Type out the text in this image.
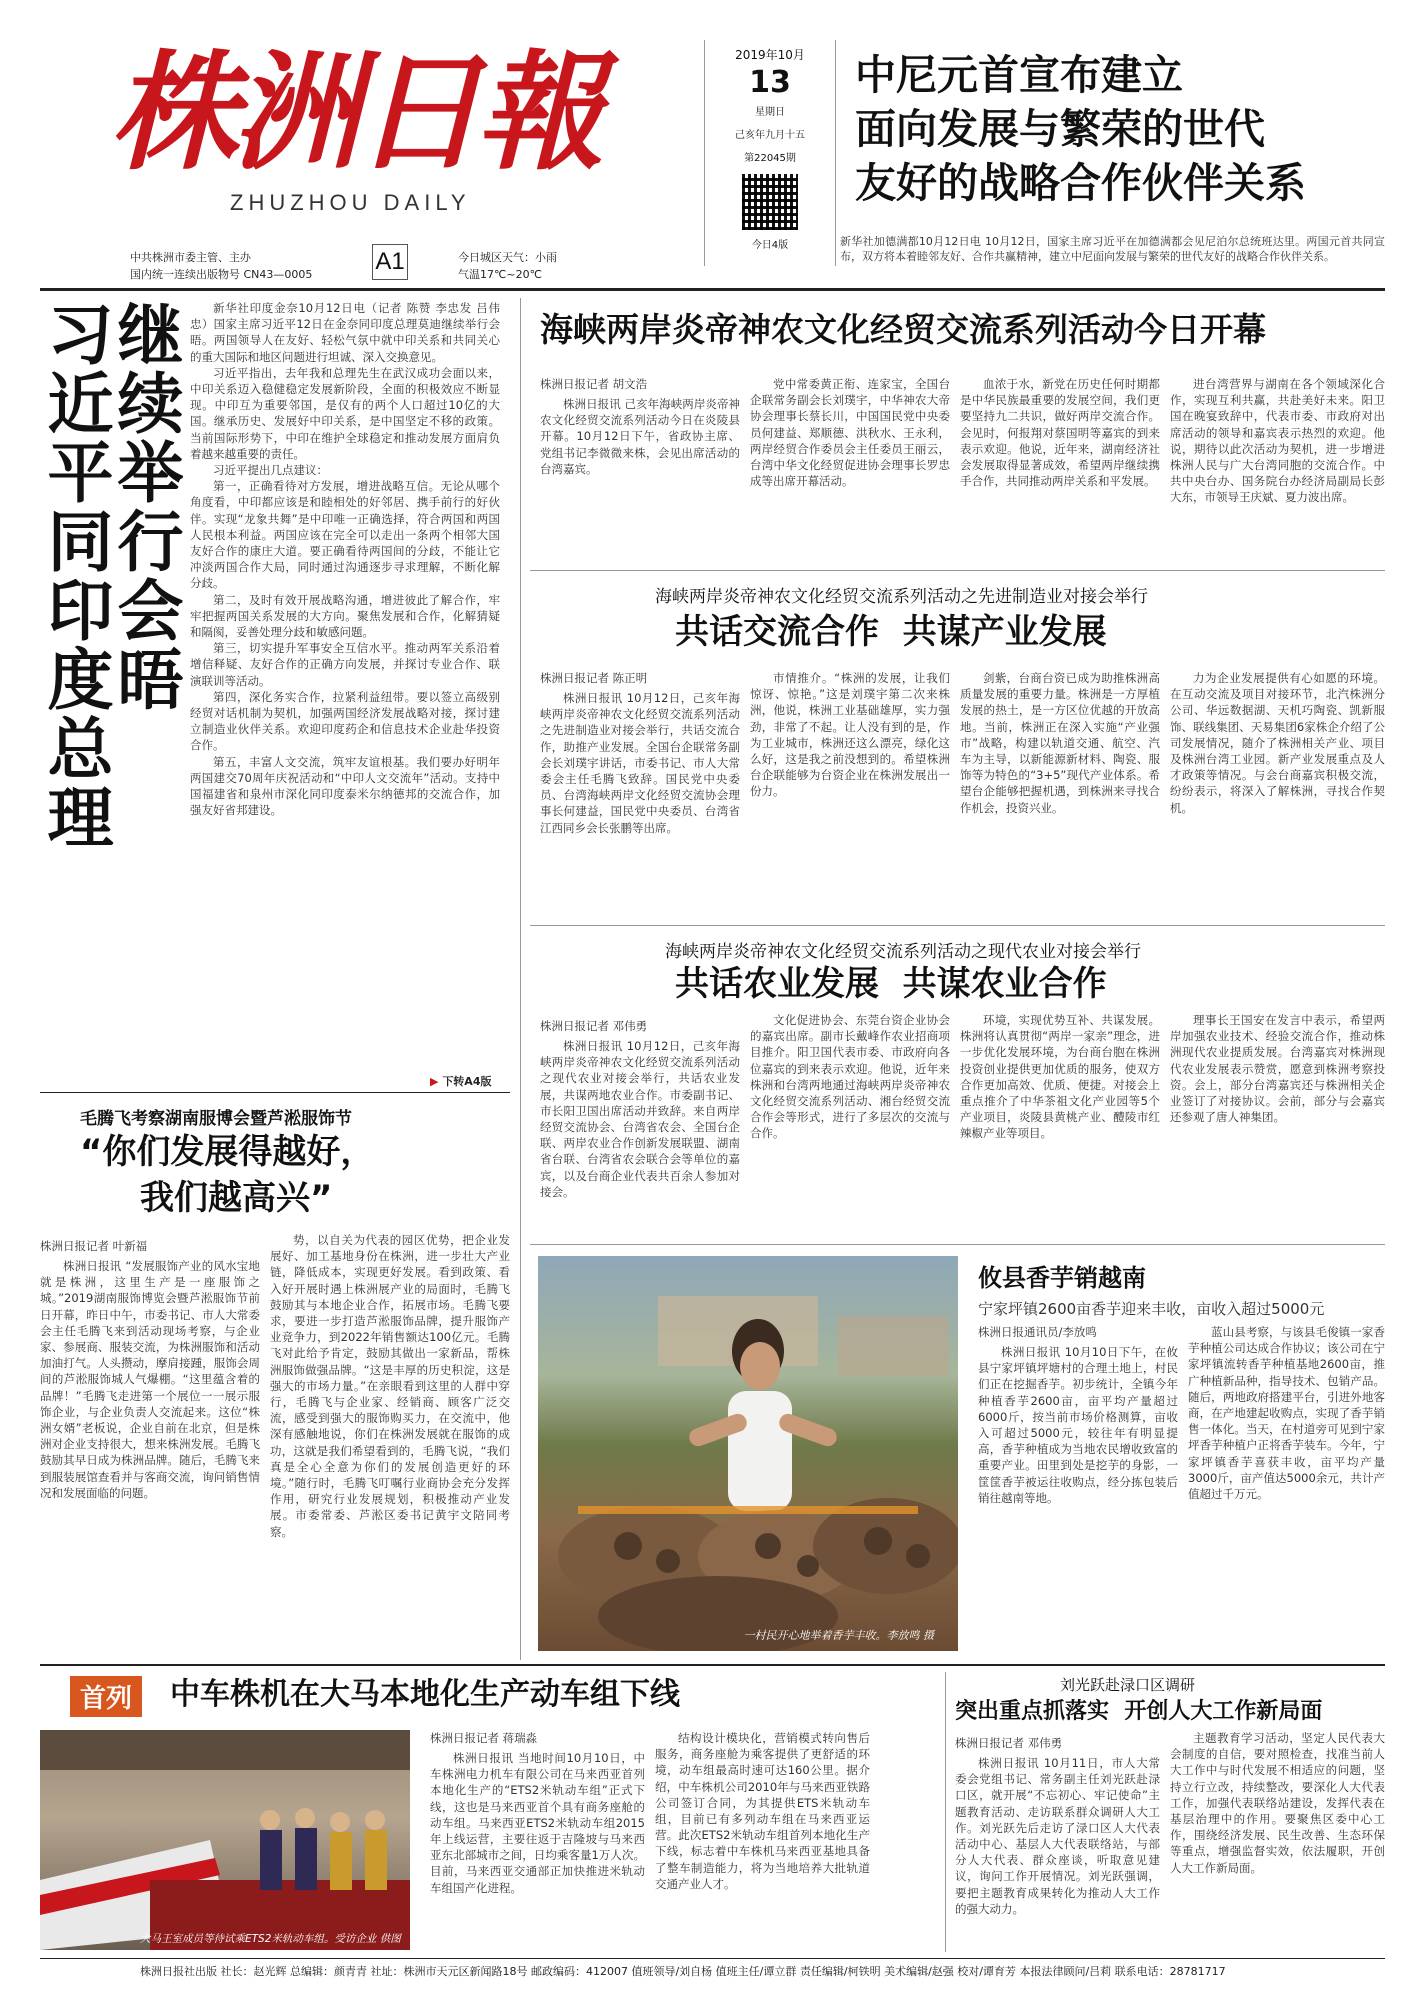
株洲日報
ZHUZHOU DAILY
中共株洲市委主管、主办
国内统一连续出版物号 CN43—0005	A1	今日城区天气：小雨
气温17℃~20℃
2019年10月
13
星期日
己亥年九月十五
第22045期
今日4版
中尼元首宣布建立
面向发展与繁荣的世代
友好的战略合作伙伴关系
新华社加德满都10月12日电 10月12日，国家主席习近平在加德满都会见尼泊尔总统班达里。两国元首共同宣布，双方将本着睦邻友好、合作共赢精神，建立中尼面向发展与繁荣的世代友好的战略合作伙伴关系。
继续举行会晤
习近平同印度总理	新华社印度金奈10月12日电（记者 陈赞 李忠发 吕伟忠）国家主席习近平12日在金奈同印度总理莫迪继续举行会晤。两国领导人在友好、轻松气氛中就中印关系和共同关心的重大国际和地区问题进行坦诚、深入交换意见。

习近平指出，去年我和总理先生在武汉成功会面以来，中印关系迈入稳健稳定发展新阶段，全面的积极效应不断显现。中印互为重要邻国，是仅有的两个人口超过10亿的大国。继承历史、发展好中印关系，是中国坚定不移的政策。当前国际形势下，中印在维护全球稳定和推动发展方面肩负着越来越重要的责任。

习近平提出几点建议：

第一，正确看待对方发展，增进战略互信。无论从哪个角度看，中印都应该是和睦相处的好邻居、携手前行的好伙伴。实现“龙象共舞”是中印唯一正确选择，符合两国和两国人民根本利益。两国应该在完全可以走出一条两个相邻大国友好合作的康庄大道。要正确看待两国间的分歧，不能让它冲淡两国合作大局，同时通过沟通逐步寻求理解，不断化解分歧。

第二，及时有效开展战略沟通，增进彼此了解合作，牢牢把握两国关系发展的大方向。聚焦发展和合作，化解猜疑和隔阂，妥善处理分歧和敏感问题。

第三，切实提升军事安全互信水平。推动两军关系沿着增信释疑、友好合作的正确方向发展，并探讨专业合作、联演联训等活动。

第四，深化务实合作，拉紧利益纽带。要以签立高级别经贸对话机制为契机，加强两国经济发展战略对接，探讨建立制造业伙伴关系。欢迎印度药企和信息技术企业赴华投资合作。

第五，丰富人文交流，筑牢友谊根基。我们要办好明年两国建交70周年庆祝活动和“中印人文交流年”活动。支持中国福建省和泉州市深化同印度泰米尔纳德邦的交流合作，加强友好省邦建设。

▶ 下转A4版
毛腾飞考察湖南服博会暨芦淞服饰节
“你们发展得越好，
我们越高兴”
株洲日报记者 叶新福

株洲日报讯 “发展服饰产业的风水宝地就是株洲，这里生产是一座服饰之城。”2019湖南服饰博览会暨芦淞服饰节前日开幕，昨日中午，市委书记、市人大常委会主任毛腾飞来到活动现场考察，与企业家、参展商、服装交流，为株洲服饰和活动加油打气。人头攒动，摩肩接踵，服饰会周间的芦淞服饰城人气爆棚。“这里蕴含着的品牌！”毛腾飞走进第一个展位一一展示服饰企业，与企业负责人交流起来。这位“株洲女婿”老板说，企业自前在北京，但是株洲对企业支持很大，想来株洲发展。毛腾飞鼓励其早日成为株洲品牌。随后，毛腾飞来到服装展馆查看并与客商交流，询问销售情况和发展面临的问题。

势，以自关为代表的园区优势，把企业发展好、加工基地身份在株洲，进一步壮大产业链，降低成本，实现更好发展。看到政策、看入好开展时遇上株洲展产业的局面时，毛腾飞鼓励其与本地企业合作，拓展市场。毛腾飞要求，要进一步打造芦淞服饰品牌，提升服饰产业竞争力，到2022年销售额达100亿元。毛腾飞对此给予肯定，鼓励其做出一家新品，帮株洲服饰做强品牌。“这是丰厚的历史积淀，这是强大的市场力量。”在亲眼看到这里的人群中穿行，毛腾飞与企业家、经销商、顾客广泛交流，感受到强大的服饰购买力，在交流中，他深有感触地说，你们在株洲发展就在服饰的成功，这就是我们希望看到的，毛腾飞说，“我们真是全心全意为你们的发展创造更好的环境。”随行时，毛腾飞叮嘱行业商协会充分发挥作用，研究行业发展规划，积极推动产业发展。市委常委、芦淞区委书记黄宇文陪同考察。

海峡两岸炎帝神农文化经贸交流系列活动今日开幕
株洲日报记者 胡文浩

株洲日报讯 己亥年海峡两岸炎帝神农文化经贸交流系列活动今日在炎陵县开幕。10月12日下午，省政协主席、党组书记李微微来株，会见出席活动的台湾嘉宾。

党中常委黄正衔、连家宝，全国台企联常务副会长刘璞宇，中华神农大帝协会理事长蔡长川，中国国民党中央委员何建益、郑顺德、洪秋水、王永利，两岸经贸合作委员会主任委员王丽云，台湾中华文化经贸促进协会理事长罗忠成等出席开幕活动。

血浓于水，新党在历史任何时期都是中华民族最重要的发展空间，我们更要坚持九二共识，做好两岸交流合作。会见时，何报翔对蔡国明等嘉宾的到来表示欢迎。他说，近年来，湖南经济社会发展取得显著成效，希望两岸继续携手合作，共同推动两岸关系和平发展。

进台湾营界与湖南在各个领域深化合作，实现互利共赢，共赴美好未来。阳卫国在晚宴致辞中，代表市委、市政府对出席活动的领导和嘉宾表示热烈的欢迎。他说，期待以此次活动为契机，进一步增进株洲人民与广大台湾同胞的交流合作。中共中央台办、国务院台办经济局副局长彭大东，市领导王庆斌、夏力波出席。

海峡两岸炎帝神农文化经贸交流系列活动之先进制造业对接会举行
共话交流合作  共谋产业发展
株洲日报记者 陈正明

株洲日报讯 10月12日，己亥年海峡两岸炎帝神农文化经贸交流系列活动之先进制造业对接会举行，共话交流合作，助推产业发展。全国台企联常务副会长刘璞宇讲话，市委书记、市人大常委会主任毛腾飞致辞。国民党中央委员、台湾海峡两岸文化经贸交流协会理事长何建益，国民党中央委员、台湾省江西同乡会长张鹏等出席。

市情推介。“株洲的发展，让我们惊讶、惊艳。”这是刘璞宇第二次来株洲，他说，株洲工业基础雄厚，实力强劲，非常了不起。让人没有到的是，作为工业城市，株洲还这么漂亮，绿化这么好，这是我之前没想到的。希望株洲台企联能够为台资企业在株洲发展出一份力。

剑紫，台商台资已成为助推株洲高质量发展的重要力量。株洲是一方厚植发展的热土，是一方区位优越的开放高地。当前，株洲正在深入实施“产业强市”战略，构建以轨道交通、航空、汽车为主导，以新能源新材料、陶瓷、服饰等为特色的“3+5”现代产业体系。希望台企能够把握机遇，到株洲来寻找合作机会，投资兴业。

力为企业发展提供有心如愿的环境。在互动交流及项目对接环节，北汽株洲分公司、华远数据湖、天机巧陶瓷、凯新服饰、联线集团、天易集团6家株企介绍了公司发展情况，随介了株洲相关产业、项目及株洲台湾工业园。新产业发展重点及人才政策等情况。与会台商嘉宾积极交流，纷纷表示，将深入了解株洲，寻找合作契机。

海峡两岸炎帝神农文化经贸交流系列活动之现代农业对接会举行
共话农业发展  共谋农业合作
株洲日报记者 邓伟勇

株洲日报讯 10月12日，己亥年海峡两岸炎帝神农文化经贸交流系列活动之现代农业对接会举行，共话农业发展，共谋两地农业合作。市委副书记、市长阳卫国出席活动并致辞。来自两岸经贸交流协会、台湾省农会、全国台企联、两岸农业合作创新发展联盟、湖南省台联、台湾省农会联合会等单位的嘉宾，以及台商企业代表共百余人参加对接会。

文化促进协会、东莞台资企业协会的嘉宾出席。副市长戴峰作农业招商项目推介。阳卫国代表市委、市政府向各位嘉宾的到来表示欢迎。他说，近年来株洲和台湾两地通过海峡两岸炎帝神农文化经贸交流系列活动、湘台经贸交流合作会等形式，进行了多层次的交流与合作。

环境，实现优势互补、共谋发展。株洲将认真贯彻“两岸一家亲”理念，进一步优化发展环境，为台商台胞在株洲投资创业提供更加优质的服务，使双方合作更加高效、优质、便捷。对接会上重点推介了中华茶祖文化产业园等5个产业项目，炎陵县黄桃产业、醴陵市红辣椒产业等项目。

理事长王国安在发言中表示，希望两岸加强农业技术、经验交流合作，推动株洲现代农业提质发展。台湾嘉宾对株洲现代农业发展表示赞赏，愿意到株洲考察投资。会上，部分台湾嘉宾还与株洲相关企业签订了对接协议。会前，部分与会嘉宾还参观了唐人神集团。

一村民开心地举着香芋丰收。李放鸣 摄
攸县香芋销越南
宁家坪镇2600亩香芋迎来丰收，亩收入超过5000元
株洲日报通讯员/李放鸣

株洲日报讯 10月10日下午，在攸县宁家坪镇坪塘村的合理土地上，村民们正在挖掘香芋。初步统计，全镇今年种植香芋2600亩，亩平均产量超过6000斤，按当前市场价格测算，亩收入可超过5000元，较往年有明显提高，香芋种植成为当地农民增收致富的重要产业。田里到处是挖芋的身影，一筐筐香芋被运往收购点，经分拣包装后销往越南等地。

蓝山县考察，与该县毛俊镇一家香芋种植公司达成合作协议；该公司在宁家坪镇流转香芋种植基地2600亩，推广种植新品种，指导技术、包销产品。随后，两地政府搭建平台，引进外地客商，在产地建起收购点，实现了香芋销售一体化。当天，在村道旁可见到宁家坪香芋种植户正将香芋装车。今年，宁家坪镇香芋喜获丰收，亩平均产量3000斤，亩产值达5000余元，共计产值超过千万元。

首列	中车株机在大马本地化生产动车组下线
大马王室成员等待试乘ETS2米轨动车组。受访企业 供图
株洲日报记者 蒋瑞淼

株洲日报讯 当地时间10月10日，中车株洲电力机车有限公司在马来西亚首列本地化生产的“ETS2米轨动车组”正式下线，这也是马来西亚首个具有商务座舱的动车组。马来西亚ETS2米轨动车组2015年上线运营，主要往返于吉隆坡与马来西亚东北部城市之间，日均乘客量1万人次。目前，马来西亚交通部正加快推进米轨动车组国产化进程。

结构设计模块化，营销模式转向售后服务，商务座舱为乘客提供了更舒适的环境，动车组最高时速可达160公里。据介绍，中车株机公司2010年与马来西亚铁路公司签订合同，为其提供ETS米轨动车组，目前已有多列动车组在马来西亚运营。此次ETS2米轨动车组首列本地化生产下线，标志着中车株机马来西亚基地具备了整车制造能力，将为当地培养大批轨道交通产业人才。

刘光跃赴渌口区调研
突出重点抓落实  开创人大工作新局面
株洲日报记者 邓伟勇

株洲日报讯 10月11日，市人大常委会党组书记、常务副主任刘光跃赴渌口区，就开展“不忘初心、牢记使命”主题教育活动、走访联系群众调研人大工作。刘光跃先后走访了渌口区人大代表活动中心、基层人大代表联络站，与部分人大代表、群众座谈，听取意见建议，询问工作开展情况。刘光跃强调，要把主题教育成果转化为推动人大工作的强大动力。

主题教育学习活动，坚定人民代表大会制度的自信，要对照检查，找准当前人大工作中与时代发展不相适应的问题，坚持立行立改，持续整改，要深化人大代表工作，加强代表联络站建设，发挥代表在基层治理中的作用。要聚焦区委中心工作，围绕经济发展、民生改善、生态环保等重点，增强监督实效，依法履职，开创人大工作新局面。

株洲日报社出版 社长：赵光辉 总编辑：颜青青 社址：株洲市天元区新闻路18号 邮政编码：412007 值班领导/刘自杨 值班主任/谭立群 责任编辑/柯铁明 美术编辑/赵强 校对/谭育芳 本报法律顾问/吕莉 联系电话：28781717
